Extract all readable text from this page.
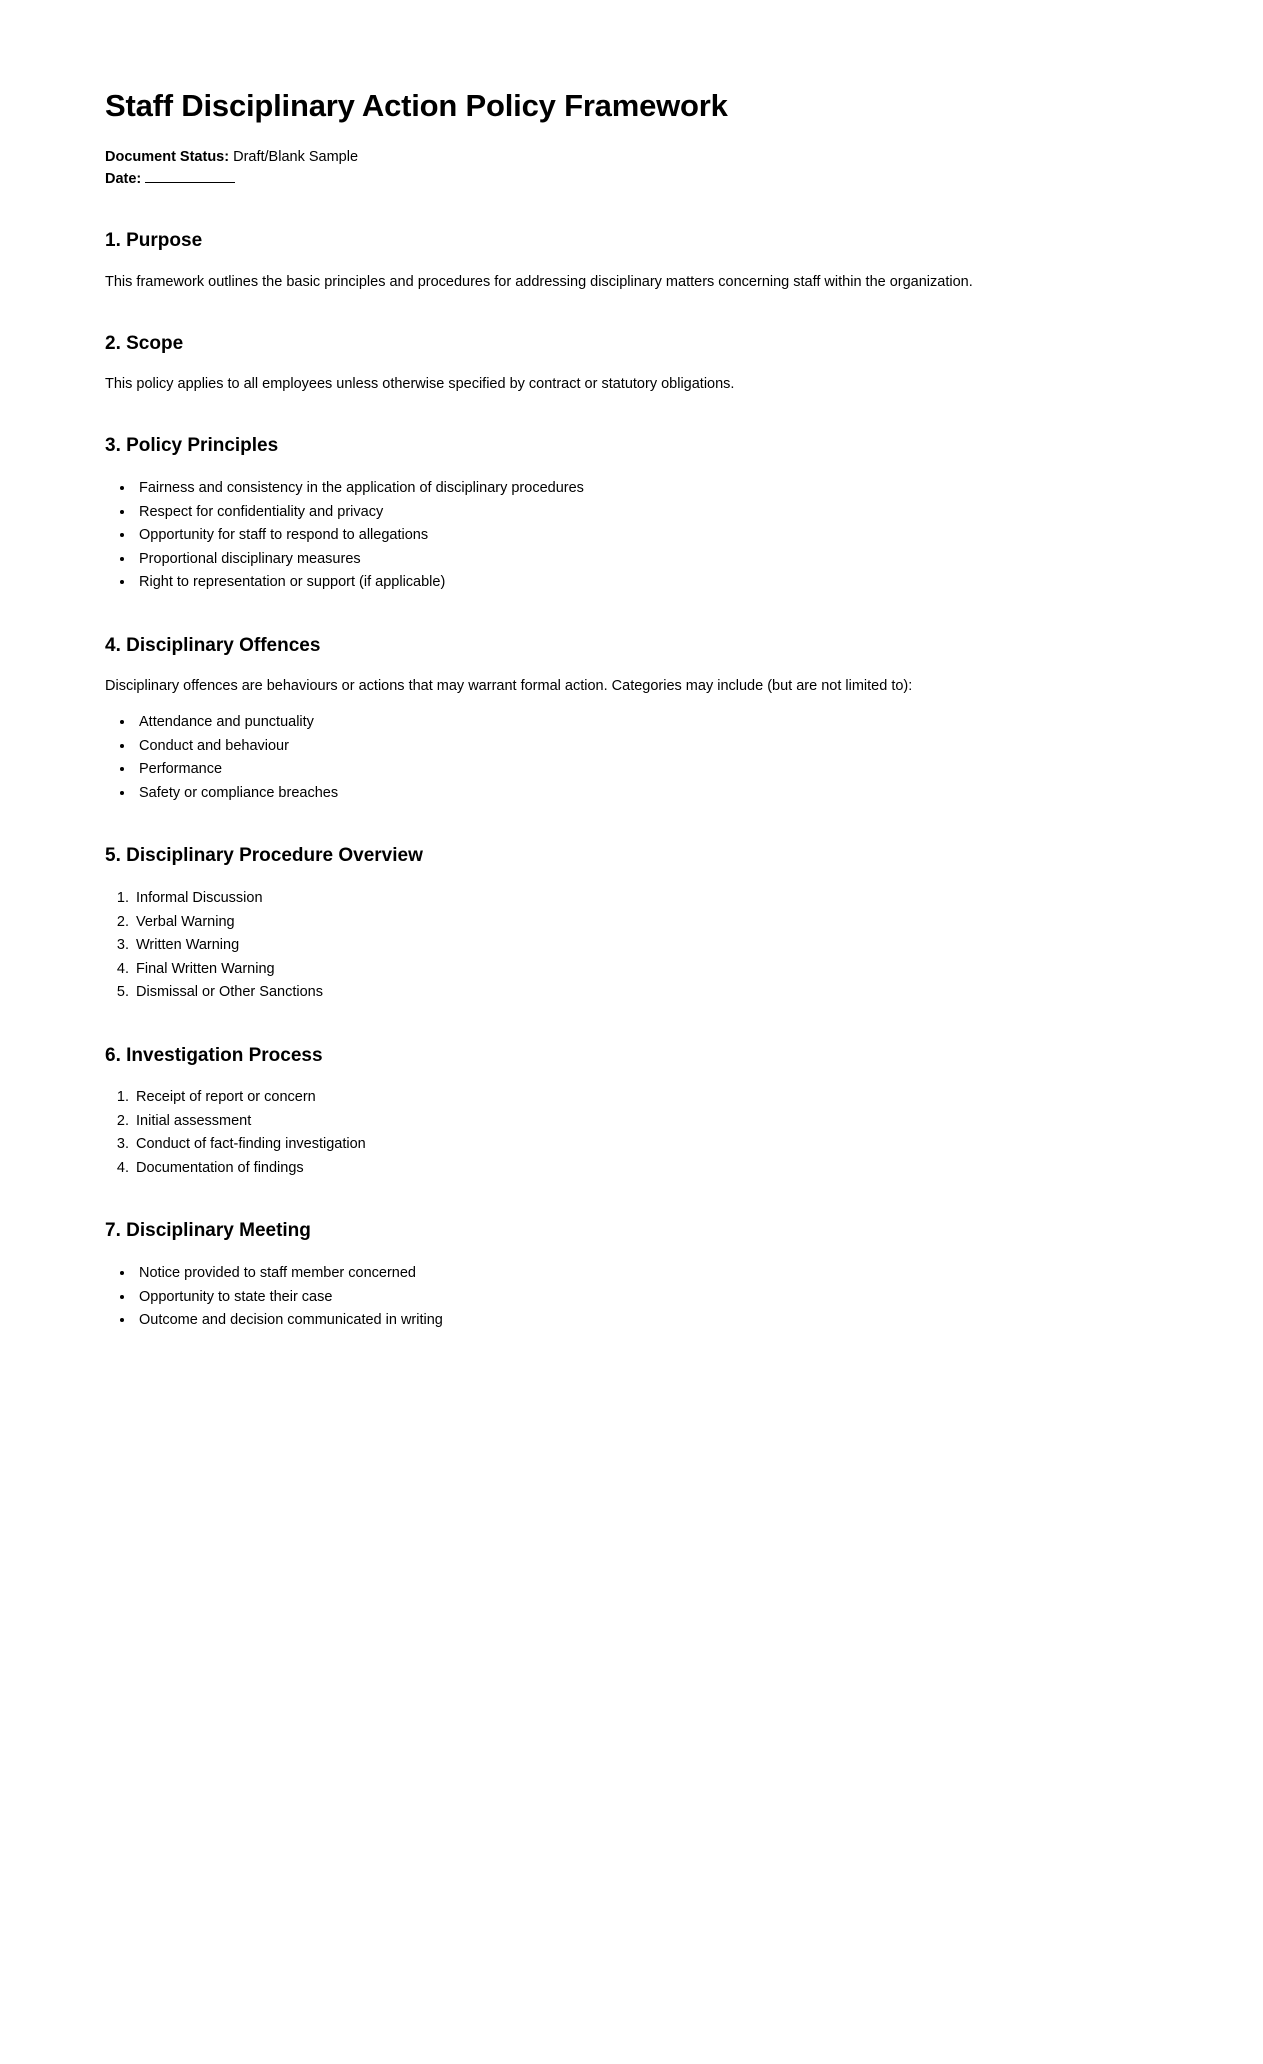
Staff Disciplinary Action Policy Framework

Document Status: Draft/Blank Sample

Date:

1. Purpose

This framework outlines the basic principles and procedures for addressing disciplinary matters concerning staff within the organization.

2. Scope

This policy applies to all employees unless otherwise specified by contract or statutory obligations.

3. Policy Principles
• Fairness and consistency in the application of disciplinary procedures
• Respect for confidentiality and privacy
• Opportunity for staff to respond to allegations
• Proportional disciplinary measures
• Right to representation or support (if applicable)
4. Disciplinary Offences

Disciplinary offences are behaviours or actions that may warrant formal action. Categories may include (but are not limited to):

• Attendance and punctuality
• Conduct and behaviour
• Performance
• Safety or compliance breaches
5. Disciplinary Procedure Overview
1. Informal Discussion
2. Verbal Warning
3. Written Warning
4. Final Written Warning
5. Dismissal or Other Sanctions
6. Investigation Process
1. Receipt of report or concern
2. Initial assessment
3. Conduct of fact-finding investigation
4. Documentation of findings
7. Disciplinary Meeting
• Notice provided to staff member concerned
• Opportunity to state their case
• Outcome and decision communicated in writing
